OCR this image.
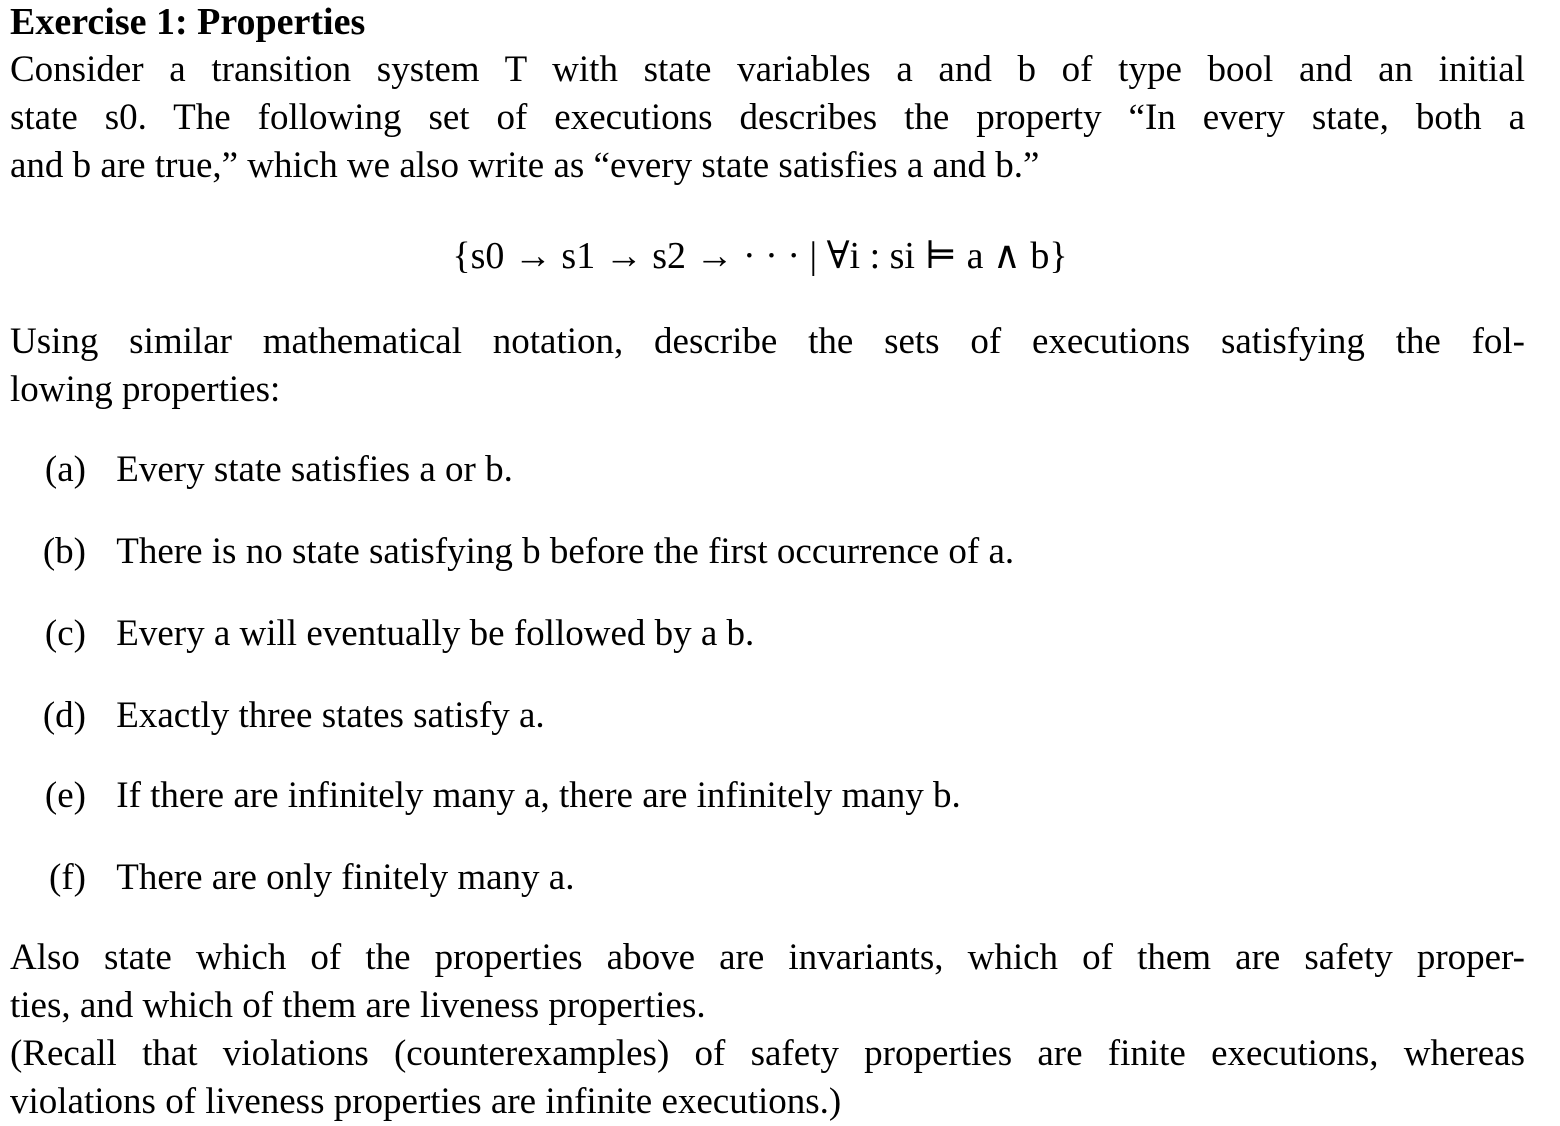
Exercise 1: Properties
Consider a transition system T with state variables a and b of type bool and an initial
state s0. The following set of executions describes the property “In every state, both a
and b are true,” which we also write as “every state satisfies a and b.”
{s0 → s1 → s2 → · · · | ∀i : si ⊨ a ∧ b}
Using similar mathematical notation, describe the sets of executions satisfying the fol-
lowing properties:
(a) Every state satisfies a or b.
(b) There is no state satisfying b before the first occurrence of a.
(c) Every a will eventually be followed by a b.
(d) Exactly three states satisfy a.
(e) If there are infinitely many a, there are infinitely many b.
(f) There are only finitely many a.
Also state which of the properties above are invariants, which of them are safety proper-
ties, and which of them are liveness properties.
(Recall that violations (counterexamples) of safety properties are finite executions, whereas
violations of liveness properties are infinite executions.)
